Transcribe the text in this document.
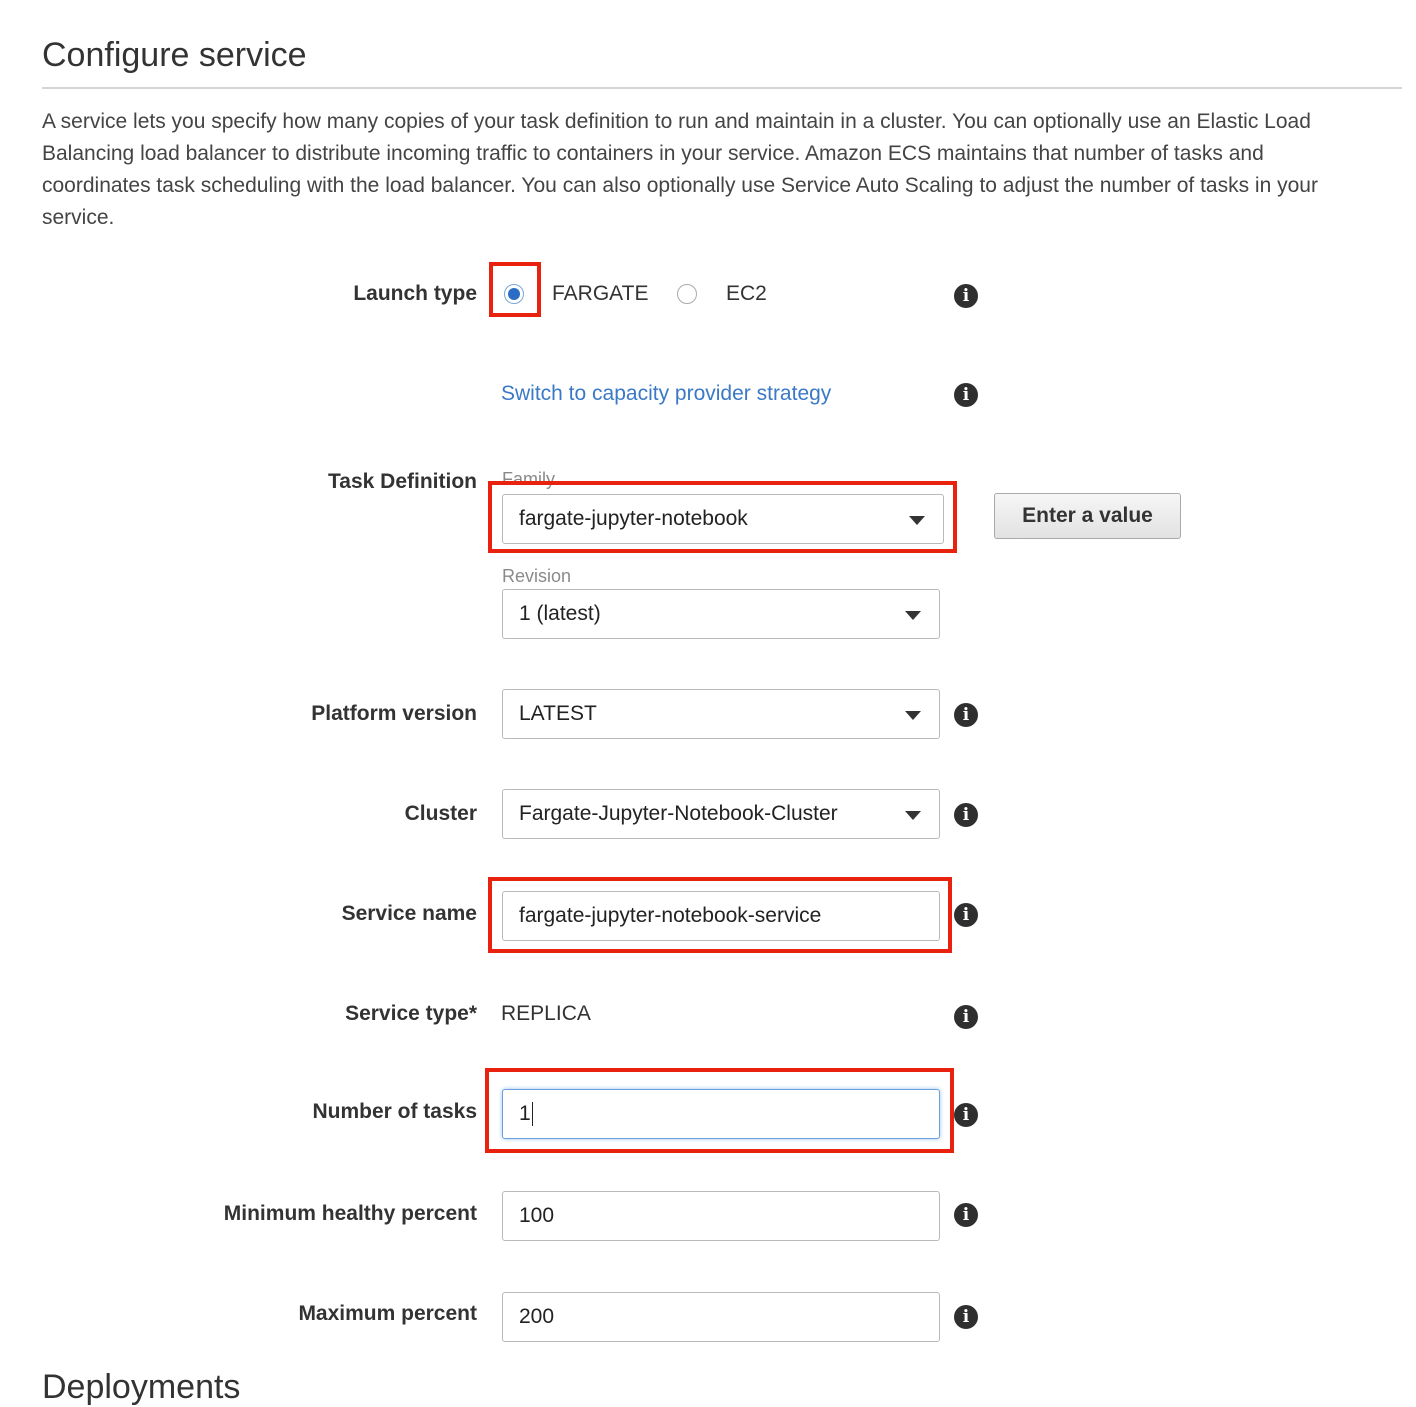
Configure service

A service lets you specify how many copies of your task definition to run and maintain in a cluster. You can optionally use an Elastic Load Balancing load balancer to distribute incoming traffic to containers in your service. Amazon ECS maintains that number of tasks and coordinates task scheduling with the load balancer. You can also optionally use Service Auto Scaling to adjust the number of tasks in your service.

Launch type	FARGATE	EC2	i
Switch to capacity provider strategy	i
Task Definition Family
fargate-jupyter-notebook	Enter a value
Revision
1 (latest)
Platform version	LATEST	i
Cluster	Fargate-Jupyter-Notebook-Cluster	i
Service name	fargate-jupyter-notebook-service	i
Service type* REPLICA	i
Number of tasks	1	i
Minimum healthy percent	100	i
Maximum percent	200	i
Deployments
